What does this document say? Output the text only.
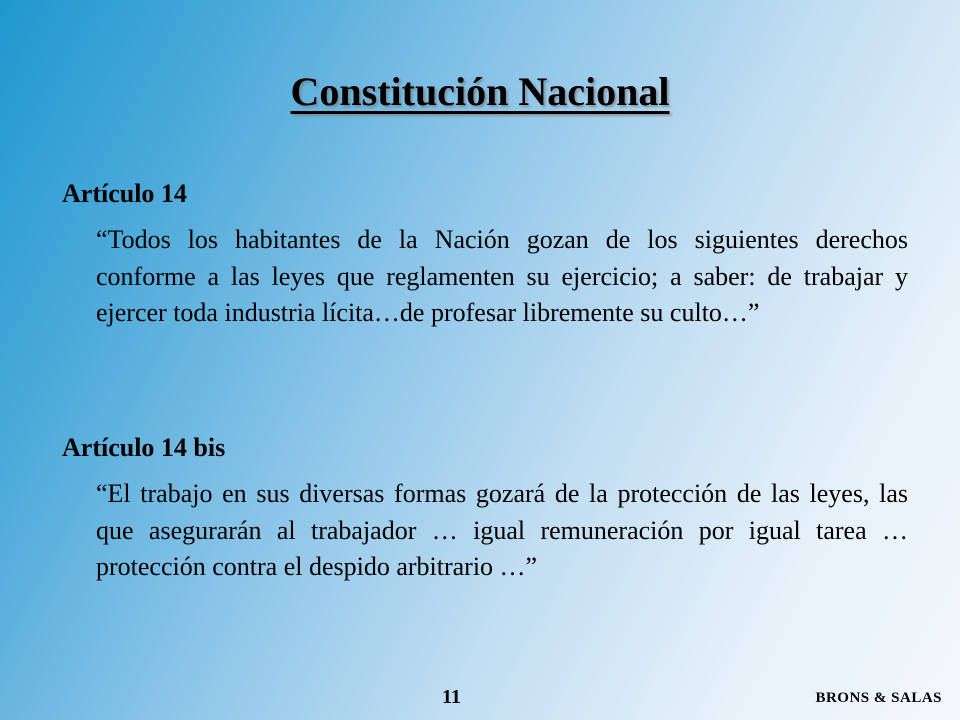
Constitución Nacional

Artículo 14

“Todos los habitantes de la Nación gozan de los siguientes derechos conforme a las leyes que reglamenten su ejercicio; a saber: de trabajar y ejercer toda industria lícita…de profesar libremente su culto…”

Artículo 14 bis

“El trabajo en sus diversas formas gozará de la protección de las leyes, las que asegurarán al trabajador … igual remuneración por igual tarea … protección contra el despido arbitrario …”

11	BRONS & SALAS
